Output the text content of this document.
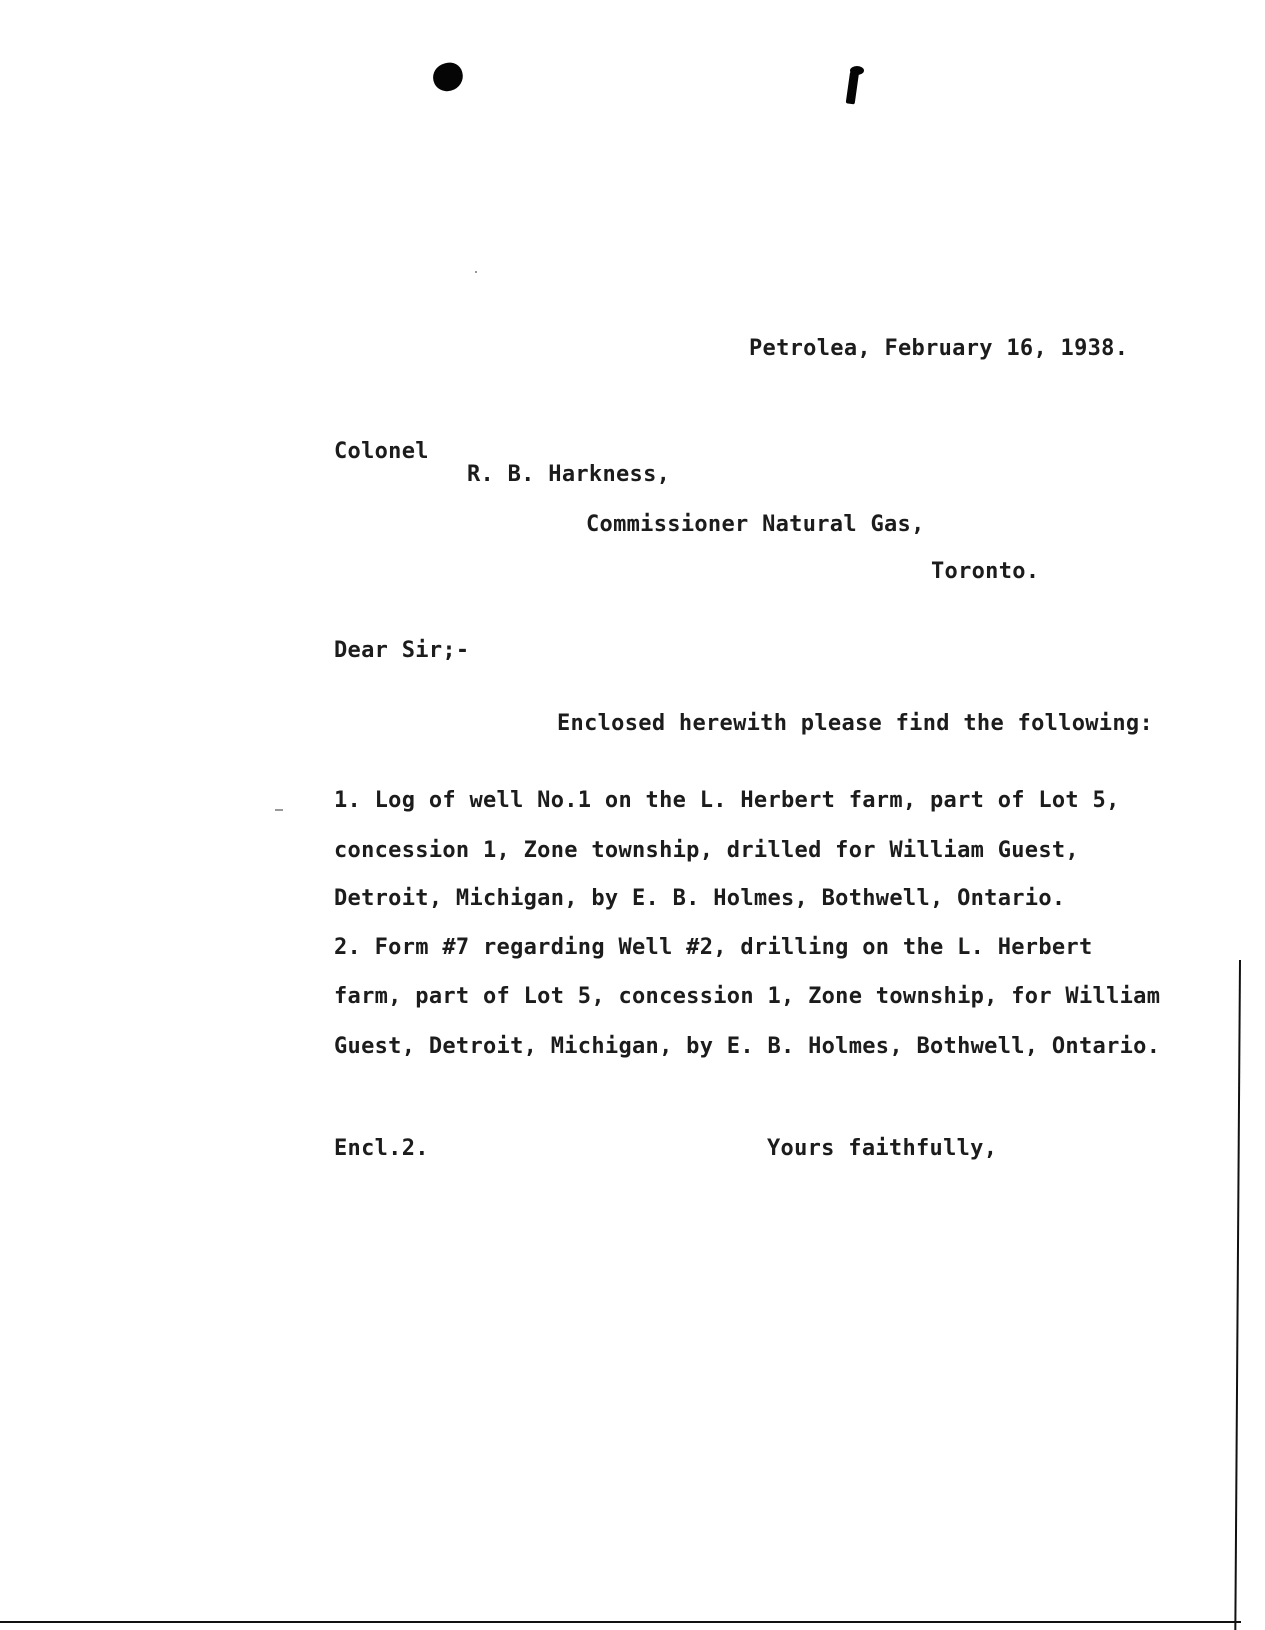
Petrolea, February 16, 1938.
Colonel
R. B. Harkness,
Commissioner Natural Gas,
Toronto.
Dear Sir;-
Enclosed herewith please find the following:
1. Log of well No.1 on the L. Herbert farm, part of Lot 5,
concession 1, Zone township, drilled for William Guest,
Detroit, Michigan, by E. B. Holmes, Bothwell, Ontario.
2. Form #7 regarding Well #2, drilling on the L. Herbert
farm, part of Lot 5, concession 1, Zone township, for William
Guest, Detroit, Michigan, by E. B. Holmes, Bothwell, Ontario.
Encl.2.	Yours faithfully,
